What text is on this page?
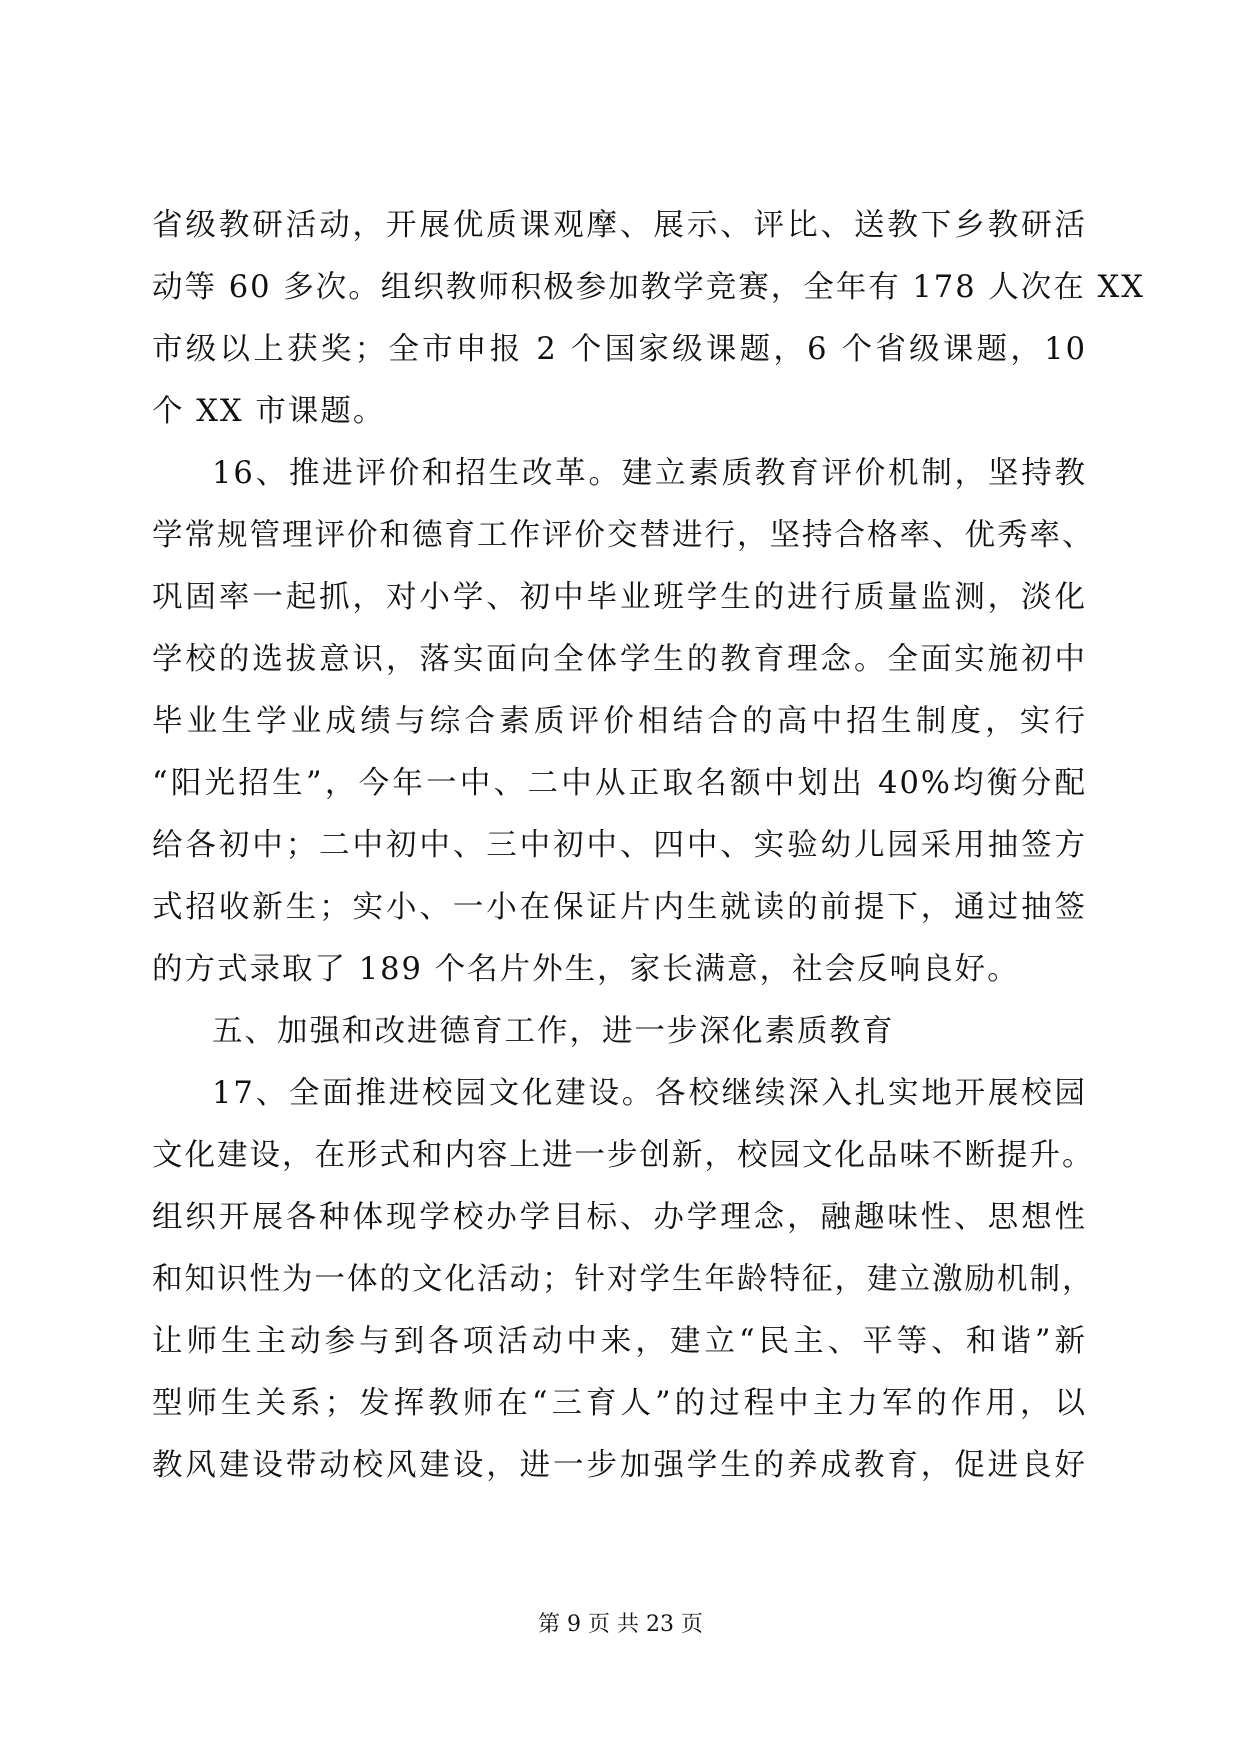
省级教研活动，开展优质课观摩、展示、评比、送教下乡教研活
动等 60 多次。组织教师积极参加教学竞赛，全年有 178 人次在 XX
市级以上获奖；全市申报 2 个国家级课题，6 个省级课题，10
个 XX 市课题。
16、推进评价和招生改革。建立素质教育评价机制，坚持教
学常规管理评价和德育工作评价交替进行，坚持合格率、优秀率、
巩固率一起抓，对小学、初中毕业班学生的进行质量监测，淡化
学校的选拔意识，落实面向全体学生的教育理念。全面实施初中
毕业生学业成绩与综合素质评价相结合的高中招生制度，实行
“阳光招生”，今年一中、二中从正取名额中划出 40%均衡分配
给各初中；二中初中、三中初中、四中、实验幼儿园采用抽签方
式招收新生；实小、一小在保证片内生就读的前提下，通过抽签
的方式录取了 189 个名片外生，家长满意，社会反响良好。
五、加强和改进德育工作，进一步深化素质教育
17、全面推进校园文化建设。各校继续深入扎实地开展校园
文化建设，在形式和内容上进一步创新，校园文化品味不断提升。
组织开展各种体现学校办学目标、办学理念，融趣味性、思想性
和知识性为一体的文化活动；针对学生年龄特征，建立激励机制，
让师生主动参与到各项活动中来，建立“民主、平等、和谐”新
型师生关系；发挥教师在“三育人”的过程中主力军的作用，以
教风建设带动校风建设，进一步加强学生的养成教育，促进良好
第 9 页 共 23 页
